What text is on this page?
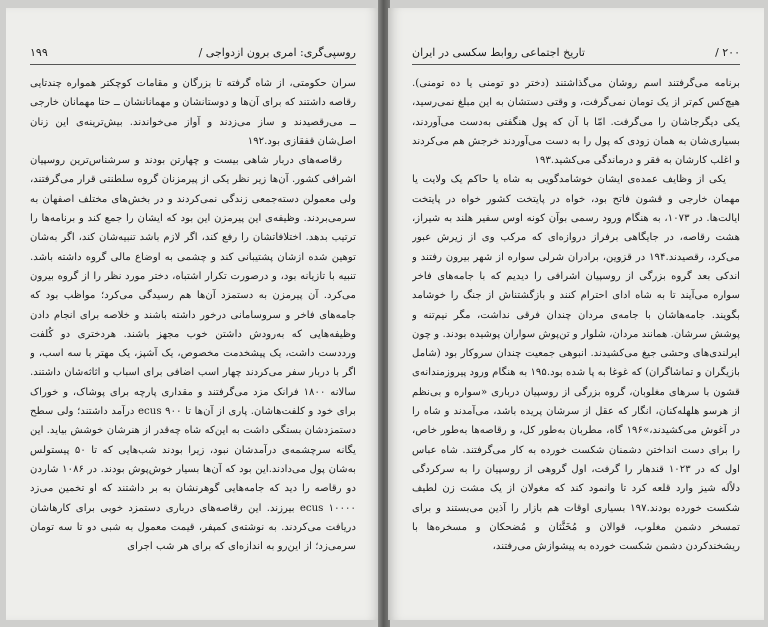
روسپی‌گری: امری برون ازدواجی /
۱۹۹

سران حکومتی، از شاه گرفته تا بزرگان و مقامات کوچکتر همواره چندتایی رقاصه داشتند که برای آن‌ها و دوستانشان و مهمانانشان ــ حتا مهمانان خارجی ــ می‌رقصیدند و ساز می‌زدند و آواز می‌خواندند. بیش‌ترینه‌ی این زنان اصل‌شان قفقازی بود.۱۹۲

رقاصه‌های دربار شاهی بیست و چهارتن بودند و سرشناس‌ترین روسپیان اشرافی کشور. آن‌ها زیر نظر یکی از پیرمزنان گروه سلطنتی قرار می‌گرفتند، ولی معمولن دسته‌جمعی زندگی نمی‌کردند و در بخش‌های مختلف اصفهان به سرمی‌بردند. وظیفه‌ی این پیرمزن این بود که ایشان را جمع کند و برنامه‌ها را ترتیب بدهد. اختلافاتشان را رفع کند، اگر لازم باشد تنبیه‌شان کند، اگر به‌شان توهین شده ازشان پشتیبانی کند و چشمی به اوضاع مالی گروه داشته باشد. تنبیه با تازیانه بود، و درصورت تکرار اشتباه، دختر مورد نظر را از گروه بیرون می‌کرد. آن پیرمزن به دستمزد آن‌ها هم رسیدگی می‌کرد؛ مواظب بود که جامه‌های فاخر و سروسامانی درخور داشته باشند و خلاصه برای انجام دادن وظیفه‌هایی که به‌رودش داشتن خوب مجهز باشند. هردختری دو کُلفت ورددست داشت، یک پیشخدمت مخصوص، یک آشپز، یک مهتر با سه اسب، و اگر با دربار سفر می‌کردند چهار اسب اضافی برای اسباب و اثاثه‌شان داشتند. سالانه ۱۸۰۰ فرانک مزد می‌گرفتند و مقداری پارچه برای پوشاک، و خوراک برای خود و کلفت‌هاشان. پاری از آن‌ها تا ۹۰۰ ecus درآمد داشتند؛ ولی سطح دستمزدشان بستگی داشت به این‌که شاه چه‌قدر از هنرشان خوشش بیاید. این یگانه سرچشمه‌ی درآمدشان نبود، زیرا بودند شب‌هایی که تا ۵۰ پیستولس به‌شان پول می‌دادند.این بود که آن‌ها بسیار خوش‌پوش بودند. در ۱۰۸۶ شاردن دو رقاصه را دید که جامه‌هایی گوهرنشان به بر داشتند که او تخمین می‌زد ۱۰۰۰۰ ecus بیرزند. این رقاصه‌های درباری دستمزد خوبی برای کارهاشان دریافت می‌کردند. به نوشته‌ی کمپفر، قیمت معمول به شبی دو تا سه تومان سرمی‌زد؛ از این‌رو به اندازه‌ای که برای هر شب اجرای

۲۰۰ /
تاریخ اجتماعی روابط سکسی در ایران

برنامه می‌گرفتند اسم روشان می‌گذاشتند (دختر دو تومنی یا ده تومنی). هیچ‌کس کم‌تر از یک تومان نمی‌گرفت، و وقتی دستشان به این مبلغ نمی‌رسید، یکی دیگرجاشان را می‌گرفت. امّا با آن که پول هنگفتی به‌دست می‌آوردند، بسیاری‌شان به همان زودی که پول را به دست می‌آوردند خرجش هم می‌کردند و اغلب کارشان به فقر و درماندگی می‌کشید.۱۹۳

یکی از وظایف عمده‌ی ایشان خوشامدگویی به شاه یا حاکم یک ولایت یا مهمان خارجی و قشون فاتح بود، خواه در پایتخت کشور خواه در پایتخت ایالت‌ها. در ۱۰۷۳، به هنگام ورود رسمی بوآن کونه اوس سفیر هلند به شیراز، هشت رقاصه، در جایگاهی برفراز دروازه‌ای که مرکب وی از زیرش عبور می‌کرد، رقصیدند.۱۹۴ در قزوین، برادران شرلی سواره از شهر بیرون رفتند و اندکی بعد گروه بزرگی از روسپیان اشرافی را دیدیم که با جامه‌های فاخر سواره می‌آیند تا به شاه ادای احترام کنند و بازگشتناش از جنگ را خوشامد بگویند. جامه‌هاشان با جامه‌ی مردان چندان فرقی نداشت، مگر نیم‌تنه و پوشش سرشان. همانند مردان، شلوار و تن‌پوش سواران پوشیده بودند. و چون ایرلندی‌های وحشی جیغ می‌کشیدند. انبوهی جمعیت چندان سروکار بود (شامل بازیگران و تماشاگران) که غوغا به پا شده بود.۱۹۵ به هنگام ورود پیروزمندانه‌ی قشون با سرهای مغلوبان، گروه بزرگی از روسپیان درباری «سواره و بی‌نظم از هرسو هلهله‌کنان، انگار که عقل از سرشان پریده باشد، می‌آمدند و شاه را در آغوش می‌کشیدند،»۱۹۶ گاه، مطربان به‌طور کل، و رقاصه‌ها به‌طور خاص، را برای دست انداختن دشمنان شکست خورده به کار می‌گرفتند. شاه عباس اول که در ۱۰۲۳ قندهار را گرفت، اول گروهی از روسپیان را به سرکردگی دلاًله شیز وارد قلعه کرد تا وانمود کند که مغولان از یک مشت زن لطیف شکست خورده بودند.۱۹۷ بسیاری اوقات هم بازار را آذین می‌بستند و برای تمسخر دشمن مغلوب، قوالان و مُخَنَّثان و مُضحکان و مسخره‌ها با ریشخندکردن دشمن شکست خورده به پیشوازش می‌رفتند،
